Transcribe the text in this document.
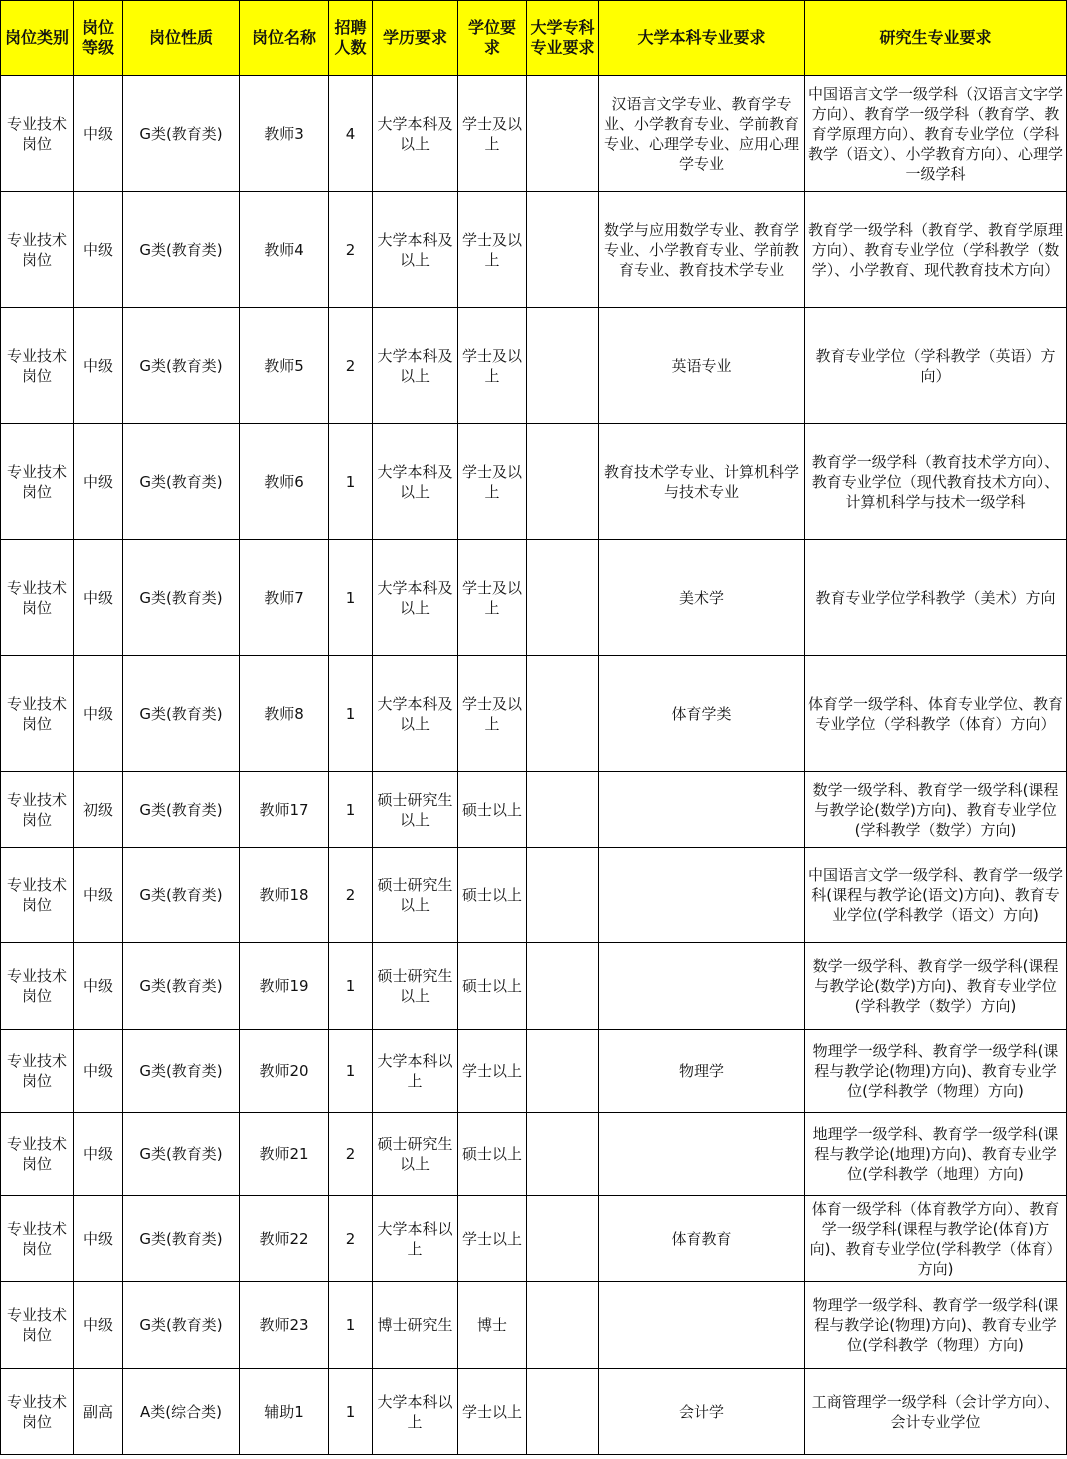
岗位类别	岗位等级	岗位性质	岗位名称	招聘人数	学历要求	学位要求	大学专科专业要求	大学本科专业要求	研究生专业要求
专业技术岗位	中级	G类(教育类)	教师3	4	大学本科及以上	学士及以上		汉语言文学专业、教育学专业、小学教育专业、学前教育专业、心理学专业、应用心理学专业	中国语言文学一级学科（汉语言文字学方向）、教育学一级学科（教育学、教育学原理方向）、教育专业学位（学科教学（语文）、小学教育方向）、心理学一级学科
专业技术岗位	中级	G类(教育类)	教师4	2	大学本科及以上	学士及以上		数学与应用数学专业、教育学专业、小学教育专业、学前教育专业、教育技术学专业	教育学一级学科（教育学、教育学原理方向）、教育专业学位（学科教学（数学）、小学教育、现代教育技术方向）
专业技术岗位	中级	G类(教育类)	教师5	2	大学本科及以上	学士及以上		英语专业	教育专业学位（学科教学（英语）方向）
专业技术岗位	中级	G类(教育类)	教师6	1	大学本科及以上	学士及以上		教育技术学专业、计算机科学与技术专业	教育学一级学科（教育技术学方向）、教育专业学位（现代教育技术方向）、计算机科学与技术一级学科
专业技术岗位	中级	G类(教育类)	教师7	1	大学本科及以上	学士及以上		美术学	教育专业学位学科教学（美术）方向
专业技术岗位	中级	G类(教育类)	教师8	1	大学本科及以上	学士及以上		体育学类	体育学一级学科、体育专业学位、教育专业学位（学科教学（体育）方向）
专业技术岗位	初级	G类(教育类)	教师17	1	硕士研究生以上	硕士以上			数学一级学科、教育学一级学科(课程与教学论(数学)方向)、教育专业学位(学科教学（数学）方向)
专业技术岗位	中级	G类(教育类)	教师18	2	硕士研究生以上	硕士以上			中国语言文学一级学科、教育学一级学科(课程与教学论(语文)方向)、教育专业学位(学科教学（语文）方向)
专业技术岗位	中级	G类(教育类)	教师19	1	硕士研究生以上	硕士以上			数学一级学科、教育学一级学科(课程与教学论(数学)方向)、教育专业学位(学科教学（数学）方向)
专业技术岗位	中级	G类(教育类)	教师20	1	大学本科以上	学士以上		物理学	物理学一级学科、教育学一级学科(课程与教学论(物理)方向)、教育专业学位(学科教学（物理）方向)
专业技术岗位	中级	G类(教育类)	教师21	2	硕士研究生以上	硕士以上			地理学一级学科、教育学一级学科(课程与教学论(地理)方向)、教育专业学位(学科教学（地理）方向)
专业技术岗位	中级	G类(教育类)	教师22	2	大学本科以上	学士以上		体育教育	体育一级学科（体育教学方向）、教育学一级学科(课程与教学论(体育)方向)、教育专业学位(学科教学（体育）方向)
专业技术岗位	中级	G类(教育类)	教师23	1	博士研究生	博士			物理学一级学科、教育学一级学科(课程与教学论(物理)方向)、教育专业学位(学科教学（物理）方向)
专业技术岗位	副高	A类(综合类)	辅助1	1	大学本科以上	学士以上		会计学	工商管理学一级学科（会计学方向）、会计专业学位
